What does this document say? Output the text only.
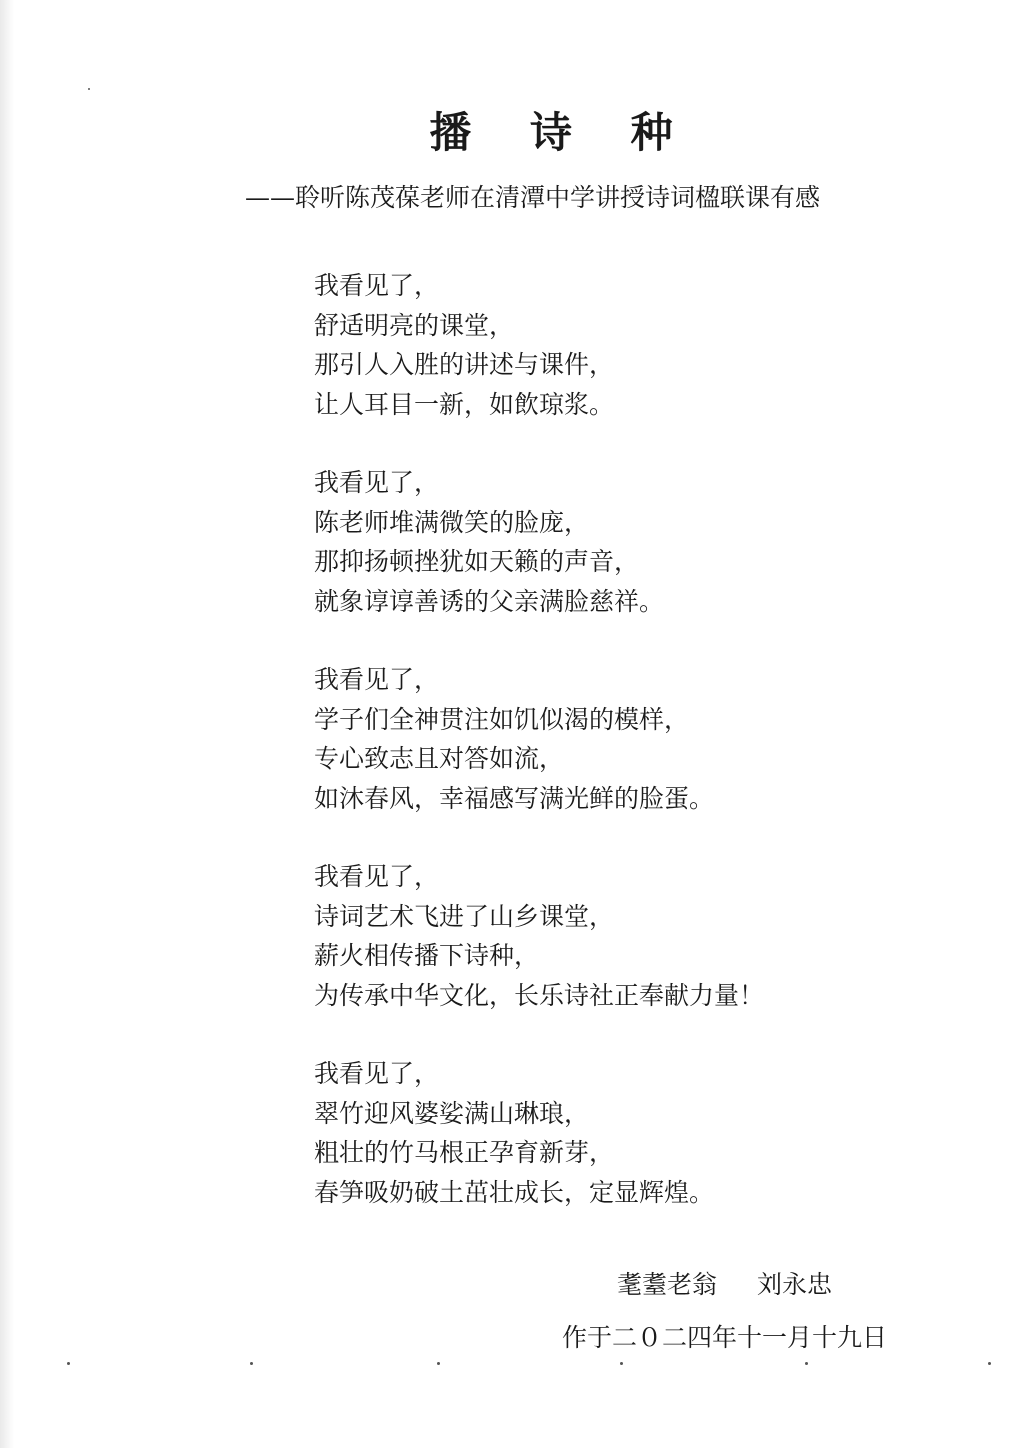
播 诗 种
——聆听陈茂葆老师在清潭中学讲授诗词楹联课有感
我看见了，
舒适明亮的课堂，
那引人入胜的讲述与课件，
让人耳目一新，如飲琼浆。
我看见了，
陈老师堆满微笑的脸庞，
那抑扬顿挫犹如天籁的声音，
就象谆谆善诱的父亲满脸慈祥。
我看见了，
学子们全神贯注如饥似渴的模样，
专心致志且对答如流，
如沐春风，幸福感写满光鲜的脸蛋。
我看见了，
诗词艺术飞进了山乡课堂，
薪火相传播下诗种，
为传承中华文化，长乐诗社正奉献力量！
我看见了，
翠竹迎风婆娑满山琳琅，
粗壮的竹马根正孕育新芽，
春笋吸奶破土茁壮成长，定显辉煌。
耄耋老翁 刘永忠
作于二０二四年十一月十九日
